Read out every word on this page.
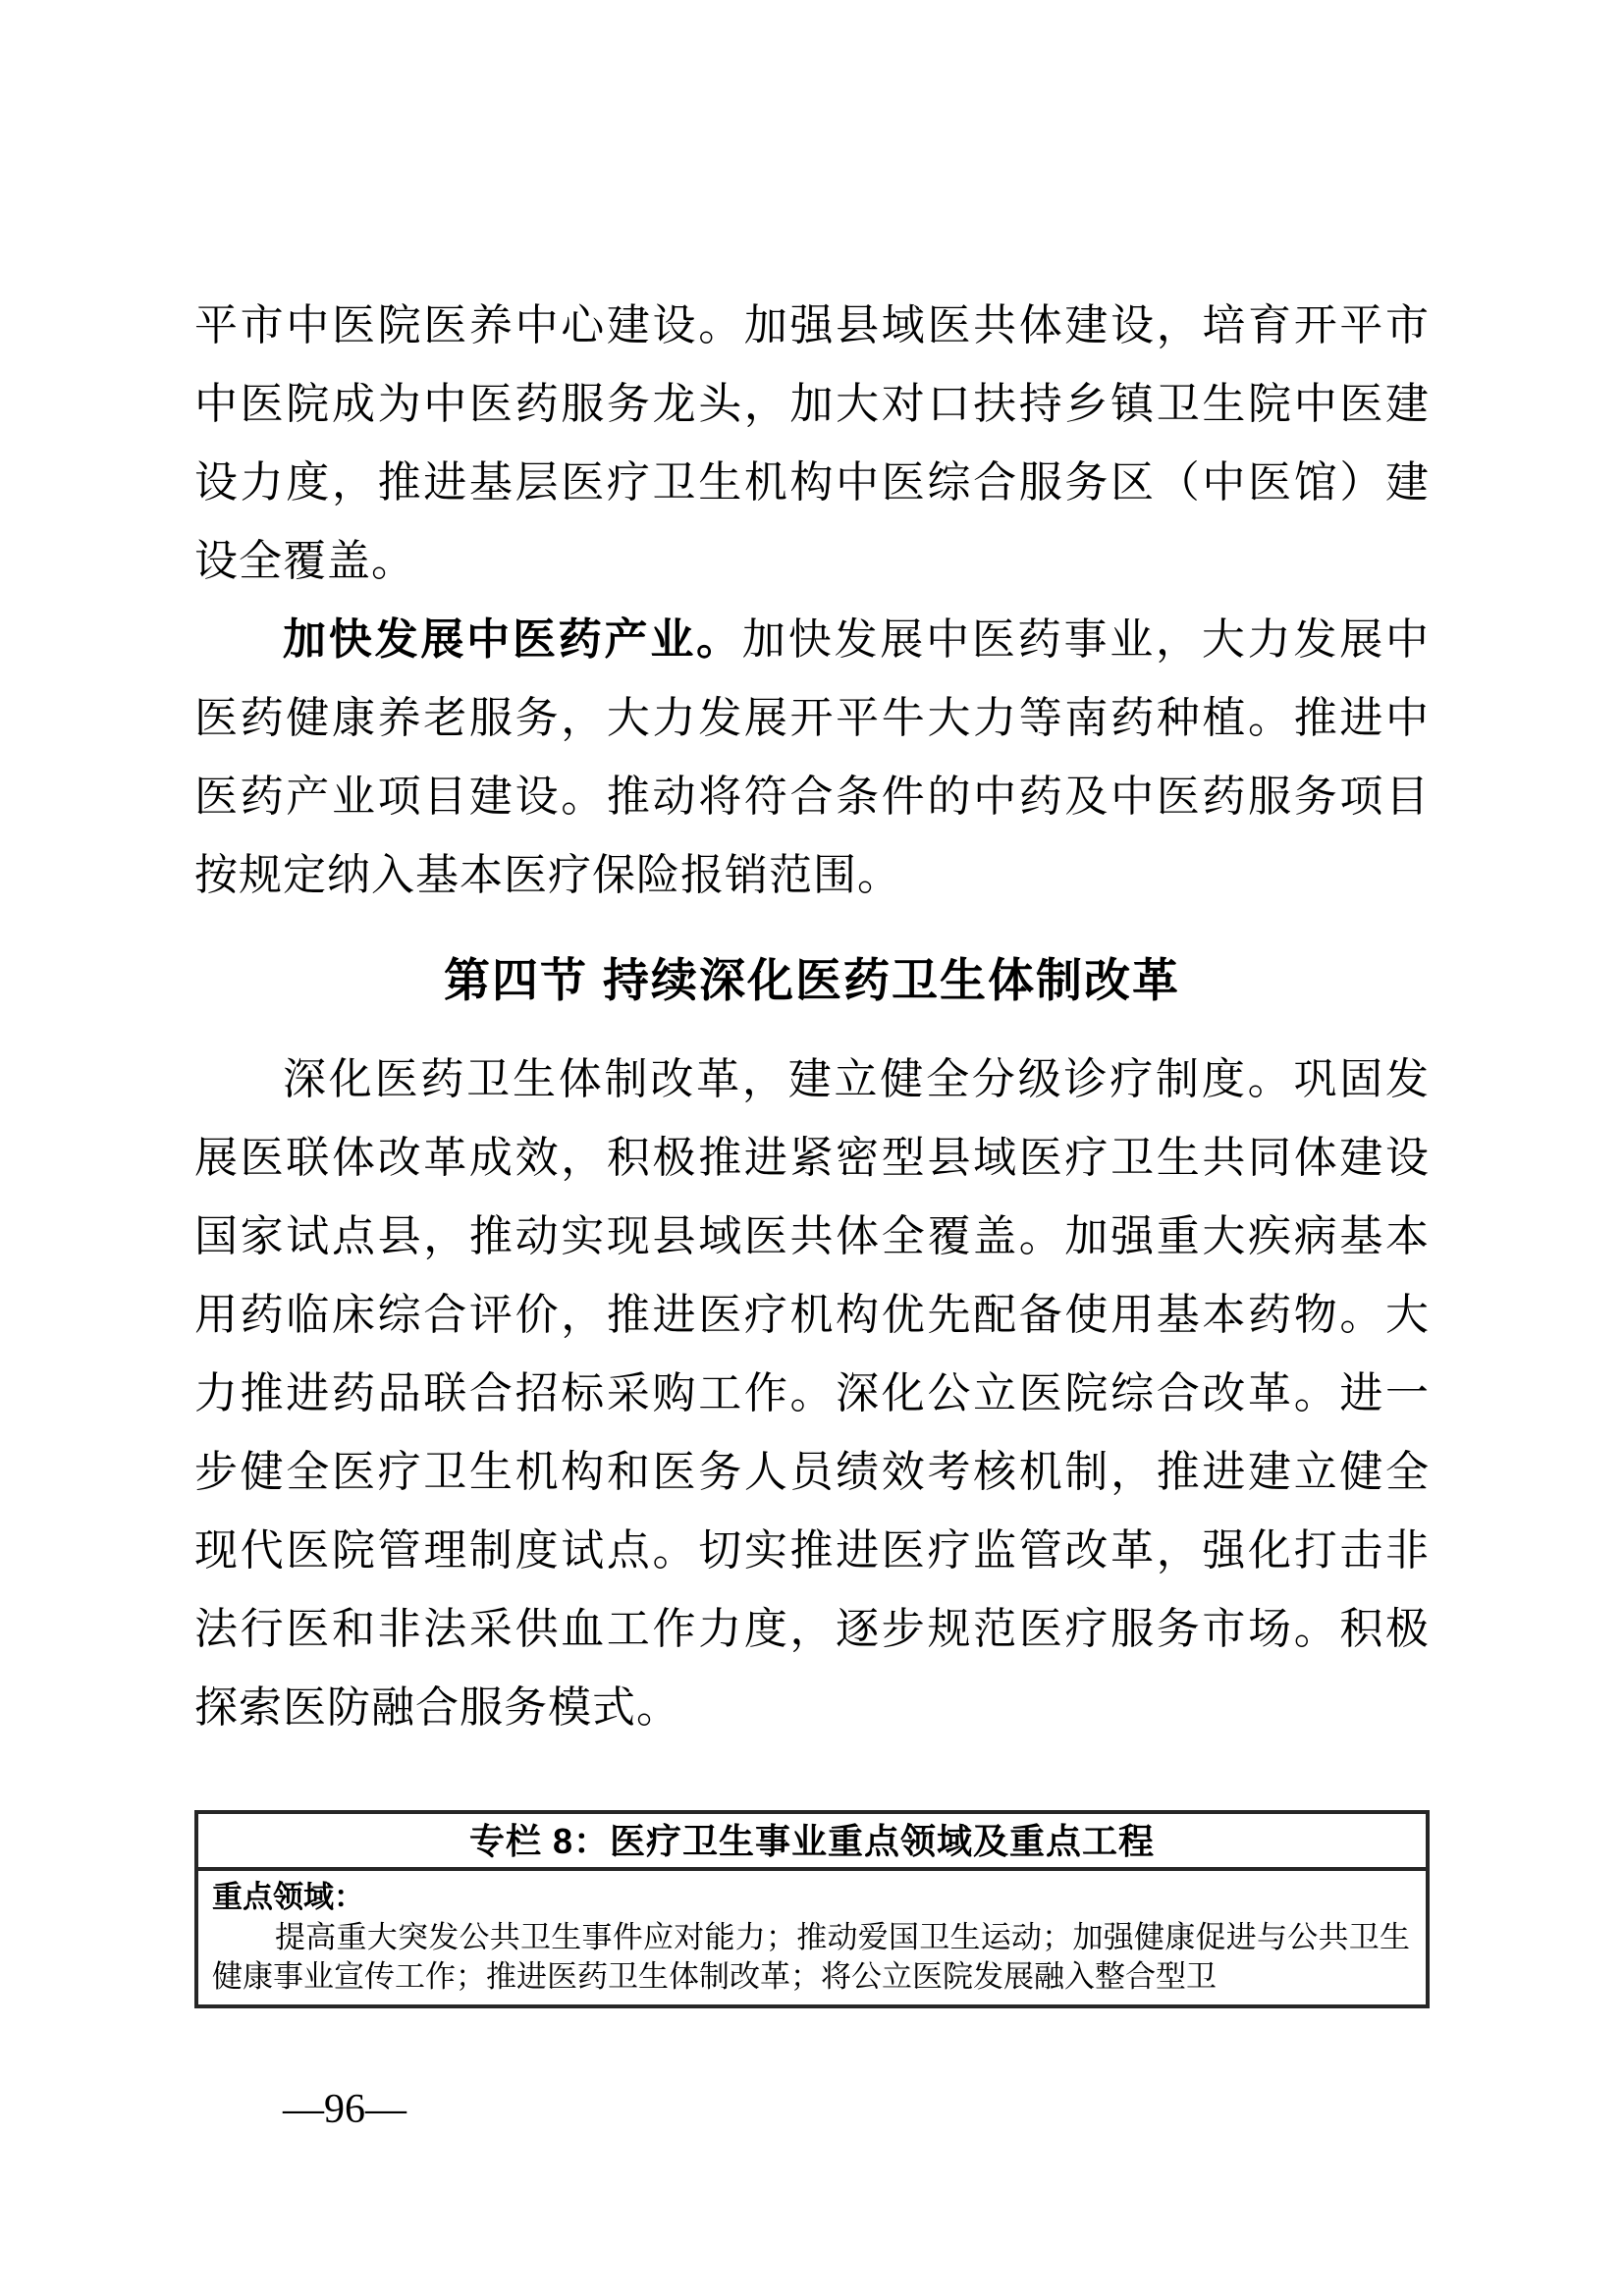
平市中医院医养中心建设。加强县域医共体建设，培育开平市中医院成为中医药服务龙头，加大对口扶持乡镇卫生院中医建设力度，推进基层医疗卫生机构中医综合服务区（中医馆）建设全覆盖。

加快发展中医药产业。加快发展中医药事业，大力发展中医药健康养老服务，大力发展开平牛大力等南药种植。推进中医药产业项目建设。推动将符合条件的中药及中医药服务项目按规定纳入基本医疗保险报销范围。

第四节 持续深化医药卫生体制改革

深化医药卫生体制改革，建立健全分级诊疗制度。巩固发展医联体改革成效，积极推进紧密型县域医疗卫生共同体建设国家试点县，推动实现县域医共体全覆盖。加强重大疾病基本用药临床综合评价，推进医疗机构优先配备使用基本药物。大力推进药品联合招标采购工作。深化公立医院综合改革。进一步健全医疗卫生机构和医务人员绩效考核机制，推进建立健全现代医院管理制度试点。切实推进医疗监管改革，强化打击非法行医和非法采供血工作力度，逐步规范医疗服务市场。积极探索医防融合服务模式。

专栏 8：医疗卫生事业重点领域及重点工程

重点领域：

提高重大突发公共卫生事件应对能力；推动爱国卫生运动；加强健康促进与公共卫生健康事业宣传工作；推进医药卫生体制改革；将公立医院发展融入整合型卫

—96—
